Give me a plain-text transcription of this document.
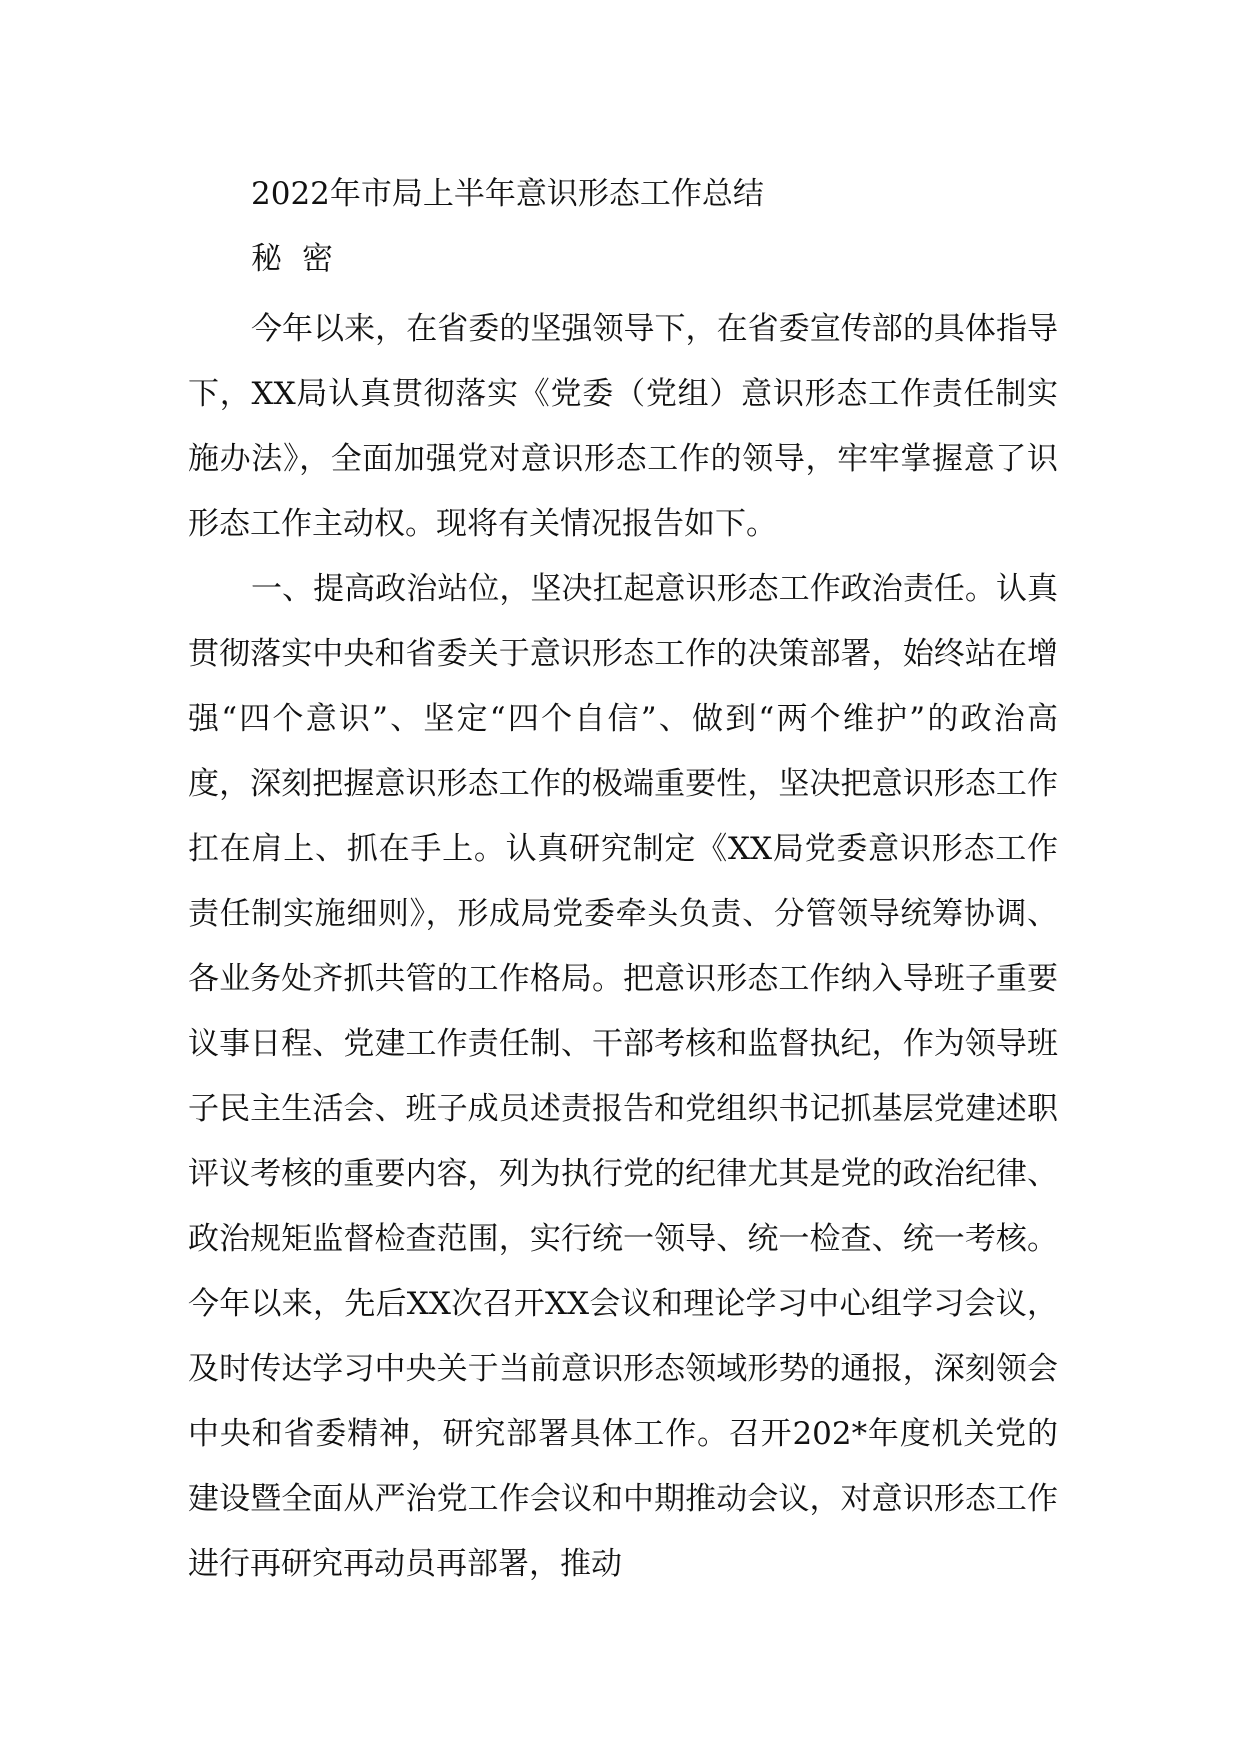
2022年市局上半年意识形态工作总结
秘密

今年以来，在省委的坚强领导下，在省委宣传部的具体指导下，XX局认真贯彻落实《党委（党组）意识形态工作责任制实施办法》，全面加强党对意识形态工作的领导，牢牢掌握意了识形态工作主动权。现将有关情况报告如下。

一、提高政治站位，坚决扛起意识形态工作政治责任。认真贯彻落实中央和省委关于意识形态工作的决策部署，始终站在增强“四个意识”、坚定“四个自信”、做到“两个维护”的政治高度，深刻把握意识形态工作的极端重要性，坚决把意识形态工作扛在肩上、抓在手上。认真研究制定《XX局党委意识形态工作责任制实施细则》，形成局党委牵头负责、分管领导统筹协调、各业务处齐抓共管的工作格局。把意识形态工作纳入导班子重要议事日程、党建工作责任制、干部考核和监督执纪，作为领导班子民主生活会、班子成员述责报告和党组织书记抓基层党建述职评议考核的重要内容，列为执行党的纪律尤其是党的政治纪律、政治规矩监督检查范围，实行统一领导、统一检查、统一考核。今年以来，先后XX次召开XX会议和理论学习中心组学习会议，及时传达学习中央关于当前意识形态领域形势的通报，深刻领会中央和省委精神，研究部署具体工作。召开202*年度机关党的建设暨全面从严治党工作会议和中期推动会议，对意识形态工作进行再研究再动员再部署，推动
